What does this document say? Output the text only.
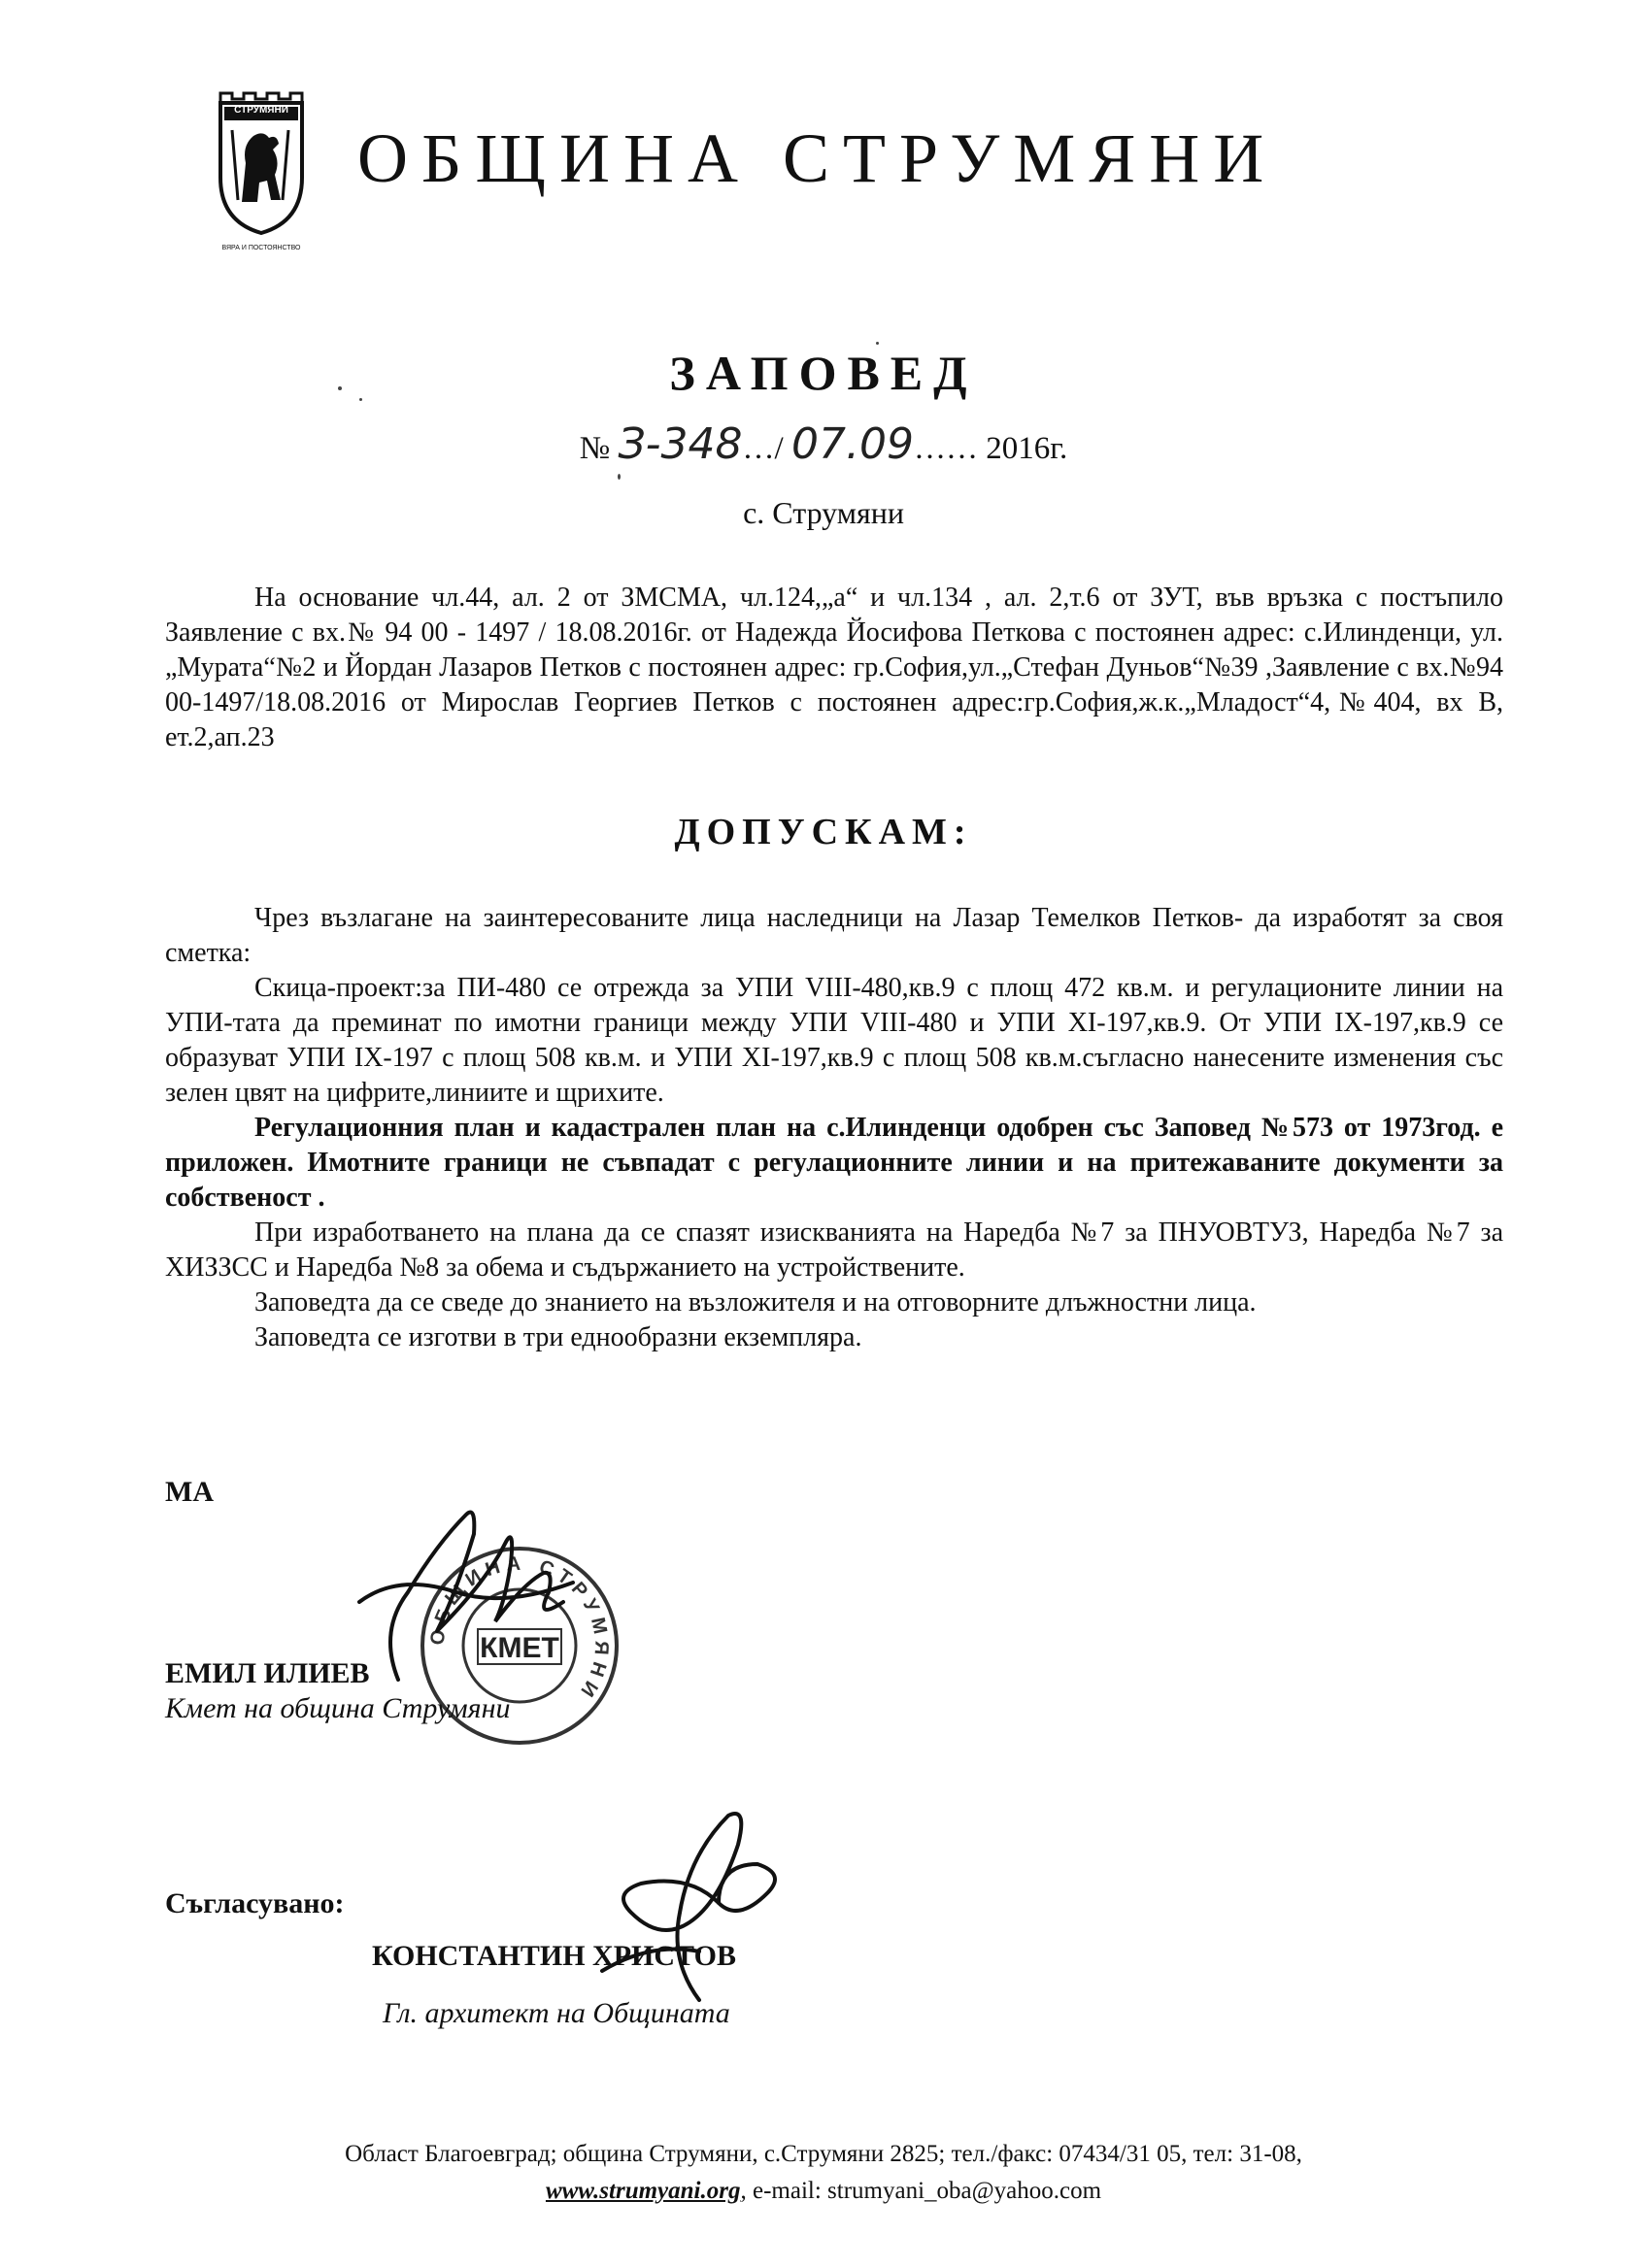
СТРУМЯНИ
ВЯРА И ПОСТОЯНСТВО
ОБЩИНА СТРУМЯНИ
ЗАПОВЕД
№ З-348…/ 07.09…… 2016г.
с. Струмяни
На основание чл.44, ал. 2 от ЗМСМА, чл.124,„а“ и чл.134 , ал. 2,т.6 от ЗУТ, във връзка с постъпило Заявление с вх.№ 94 00 - 1497 / 18.08.2016г. от Надежда Йосифова Петкова с постоянен адрес: с.Илинденци, ул.„Мурата“№2 и Йордан Лазаров Петков с постоянен адрес: гр.София,ул.„Стефан Дуньов“№39 ,Заявление с вх.№94 00-1497/18.08.2016 от Мирослав Георгиев Петков с постоянен адрес:гр.София,ж.к.„Младост“4,№404, вх В, ет.2,ап.23
ДОПУСКАМ:
Чрез възлагане на заинтересованите лица наследници на Лазар Темелков Петков- да изработят за своя сметка:
Скица-проект:за ПИ-480 се отрежда за УПИ VIII-480,кв.9 с площ 472 кв.м. и регулационите линии на УПИ-тата да преминат по имотни граници между УПИ VIII-480 и УПИ XI-197,кв.9. От УПИ IX-197,кв.9 се образуват УПИ IX-197 с площ 508 кв.м. и УПИ XI-197,кв.9 с площ 508 кв.м.съгласно нанесените изменения със зелен цвят на цифрите,линиите и щрихите.
Регулационния план и кадастрален план на с.Илинденци одобрен със Заповед №573 от 1973год. е приложен. Имотните граници не съвпадат с регулационните линии и на притежаваните документи за собственост .
При изработването на плана да се спазят изискванията на Наредба №7 за ПНУОВТУЗ, Наредба №7 за ХИЗЗСС и Наредба №8 за обема и съдържанието на устройствените.
Заповедта да се сведе до знанието на възложителя и на отговорните длъжностни лица.
Заповедта се изготви в три еднообразни екземпляра.
МА
ОБЩИНА СТРУМЯНИ
КМЕТ
ЕМИЛ ИЛИЕВ
Кмет на община Струмяни
Съгласувано:
КОНСТАНТИН ХРИСТОВ
Гл. архитект на Общината
Област Благоевград; община Струмяни, с.Струмяни 2825; тел./факс: 07434/31 05, тел: 31-08,
www.strumyani.org, e-mail: strumyani_oba@yahoo.com
